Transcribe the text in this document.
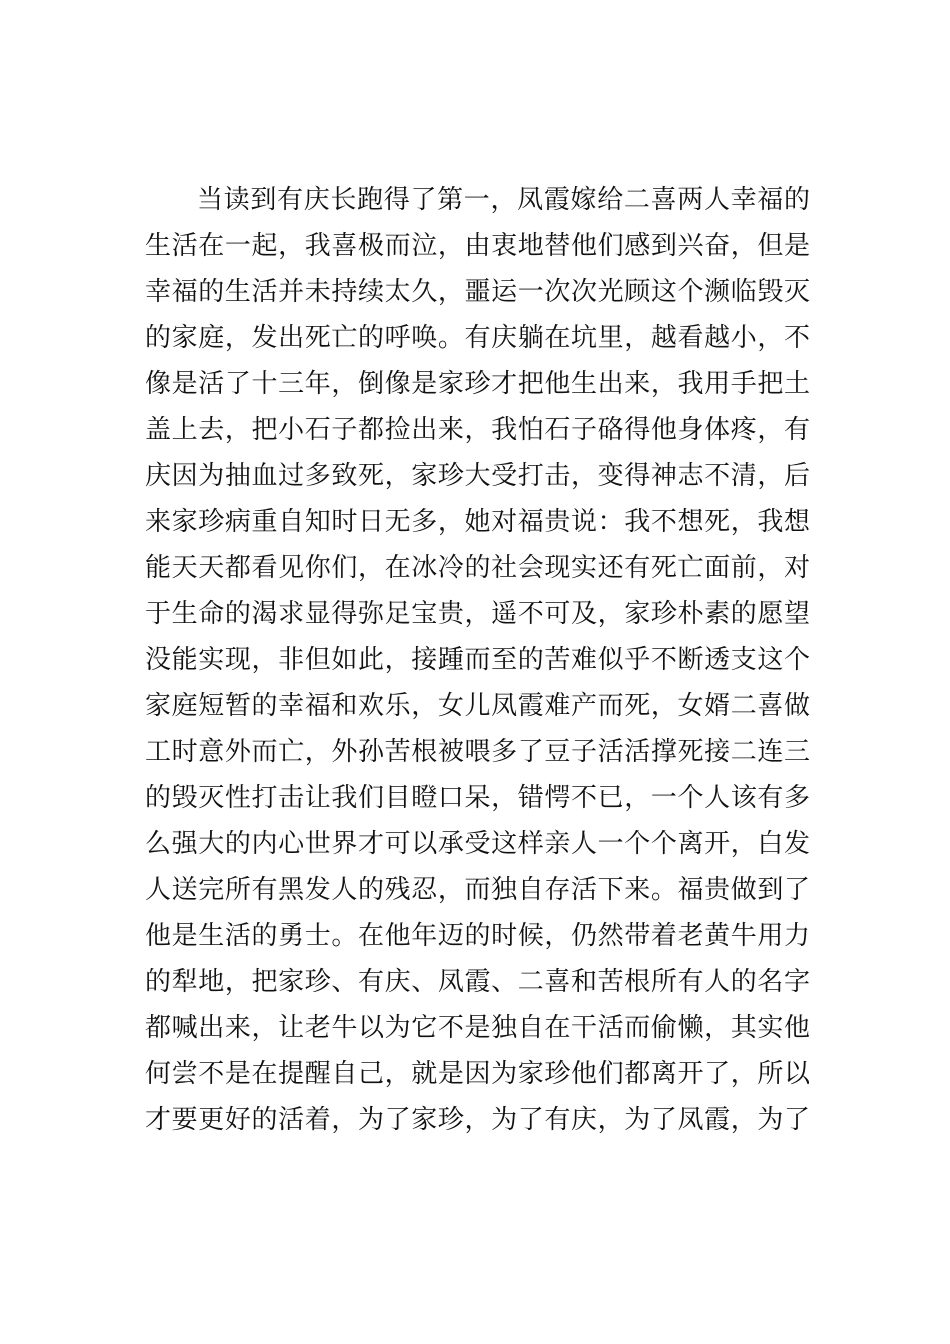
当读到有庆长跑得了第一，凤霞嫁给二喜两人幸福的
生活在一起，我喜极而泣，由衷地替他们感到兴奋，但是
幸福的生活并未持续太久，噩运一次次光顾这个濒临毁灭
的家庭，发出死亡的呼唤。有庆躺在坑里，越看越小，不
像是活了十三年，倒像是家珍才把他生出来，我用手把土
盖上去，把小石子都捡出来，我怕石子硌得他身体疼，有
庆因为抽血过多致死，家珍大受打击，变得神志不清，后
来家珍病重自知时日无多，她对福贵说：我不想死，我想
能天天都看见你们，在冰冷的社会现实还有死亡面前，对
于生命的渴求显得弥足宝贵，遥不可及，家珍朴素的愿望
没能实现，非但如此，接踵而至的苦难似乎不断透支这个
家庭短暂的幸福和欢乐，女儿凤霞难产而死，女婿二喜做
工时意外而亡，外孙苦根被喂多了豆子活活撑死接二连三
的毁灭性打击让我们目瞪口呆，错愕不已，一个人该有多
么强大的内心世界才可以承受这样亲人一个个离开，白发
人送完所有黑发人的残忍，而独自存活下来。福贵做到了
他是生活的勇士。在他年迈的时候，仍然带着老黄牛用力
的犁地，把家珍、有庆、凤霞、二喜和苦根所有人的名字
都喊出来，让老牛以为它不是独自在干活而偷懒，其实他
何尝不是在提醒自己，就是因为家珍他们都离开了，所以
才要更好的活着，为了家珍，为了有庆，为了凤霞，为了
